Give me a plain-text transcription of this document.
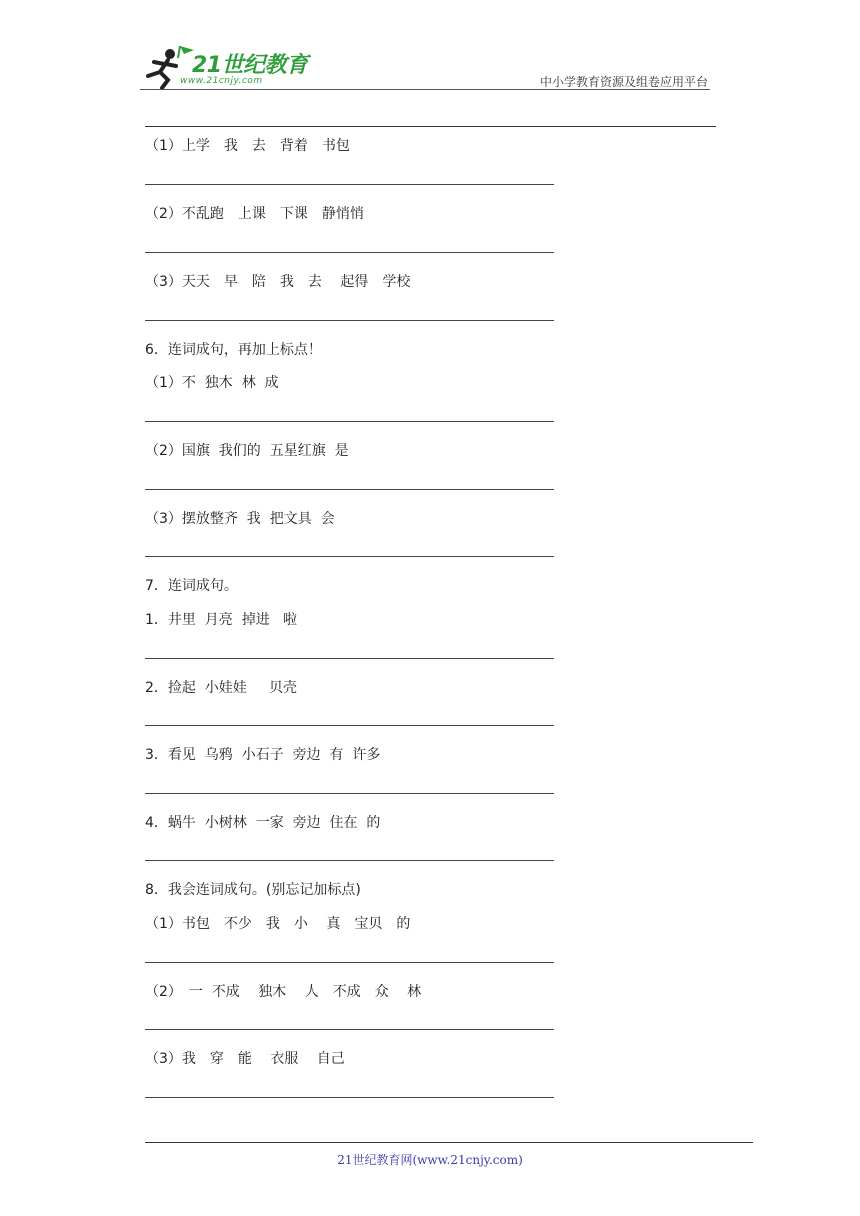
21世纪教育
www.21cnjy.com	中小学教育资源及组卷应用平台
（1）上学　我　去　背着　书包
（2）不乱跑　上课　下课　静悄悄
（3）天天　早　陪　我　去　 起得　学校
6．连词成句，再加上标点！
（1）不  独木  林  成
（2）国旗  我们的  五星红旗  是
（3）摆放整齐  我  把文具  会
7．连词成句。
1．井里  月亮  掉进   啦
2．捡起  小娃娃     贝壳
3．看见  乌鸦  小石子  旁边  有  许多
4．蜗牛  小树林  一家  旁边  住在  的
8．我会连词成句。(别忘记加标点)
（1）书包　不少　我　小　 真　宝贝　的
（2）　一  不成　 独木　 人　不成　众　 林
（3）我　穿　能　 衣服　 自己
21世纪教育网(www.21cnjy.com)
